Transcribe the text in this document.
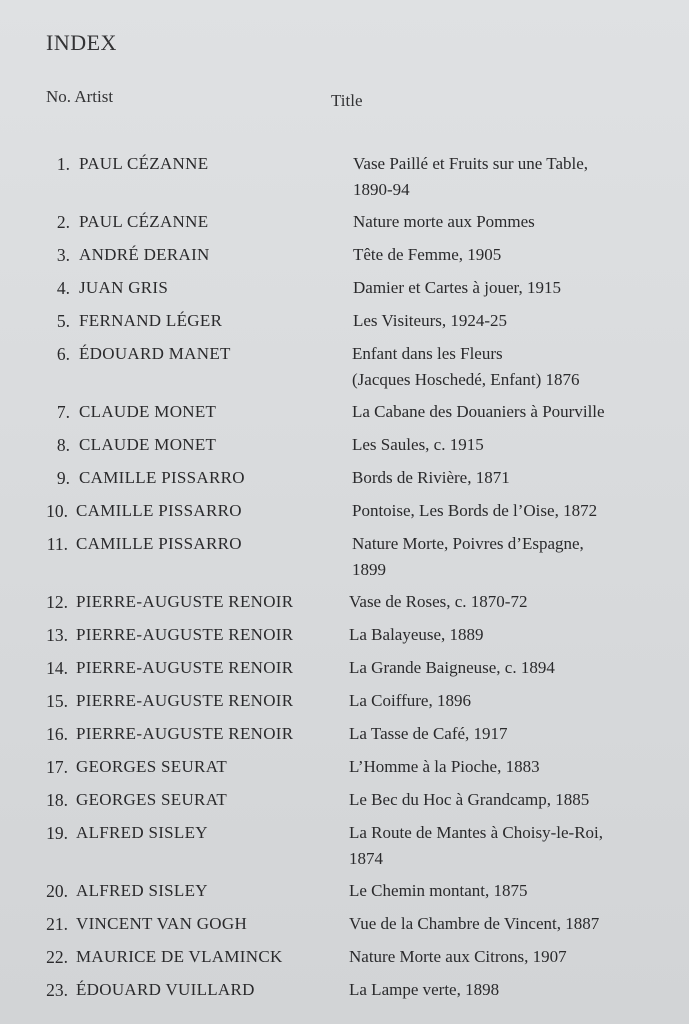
INDEX
No. Artist	Title
1. PAUL CÉZANNE	Vase Paillé et Fruits sur une Table,
1890-94
2. PAUL CÉZANNE	Nature morte aux Pommes
3. ANDRÉ DERAIN	Tête de Femme, 1905
4. JUAN GRIS	Damier et Cartes à jouer, 1915
5. FERNAND LÉGER	Les Visiteurs, 1924-25
6. ÉDOUARD MANET	Enfant dans les Fleurs
(Jacques Hoschedé, Enfant) 1876
7. CLAUDE MONET	La Cabane des Douaniers à Pourville
8. CLAUDE MONET	Les Saules, c. 1915
9. CAMILLE PISSARRO	Bords de Rivière, 1871
10. CAMILLE PISSARRO	Pontoise, Les Bords de l’Oise, 1872
11. CAMILLE PISSARRO	Nature Morte, Poivres d’Espagne,
1899
12. PIERRE-AUGUSTE RENOIR	Vase de Roses, c. 1870-72
13. PIERRE-AUGUSTE RENOIR	La Balayeuse, 1889
14. PIERRE-AUGUSTE RENOIR	La Grande Baigneuse, c. 1894
15. PIERRE-AUGUSTE RENOIR	La Coiffure, 1896
16. PIERRE-AUGUSTE RENOIR	La Tasse de Café, 1917
17. GEORGES SEURAT	L’Homme à la Pioche, 1883
18. GEORGES SEURAT	Le Bec du Hoc à Grandcamp, 1885
19. ALFRED SISLEY	La Route de Mantes à Choisy-le-Roi,
1874
20. ALFRED SISLEY	Le Chemin montant, 1875
21. VINCENT VAN GOGH	Vue de la Chambre de Vincent, 1887
22. MAURICE DE VLAMINCK	Nature Morte aux Citrons, 1907
23. ÉDOUARD VUILLARD	La Lampe verte, 1898
